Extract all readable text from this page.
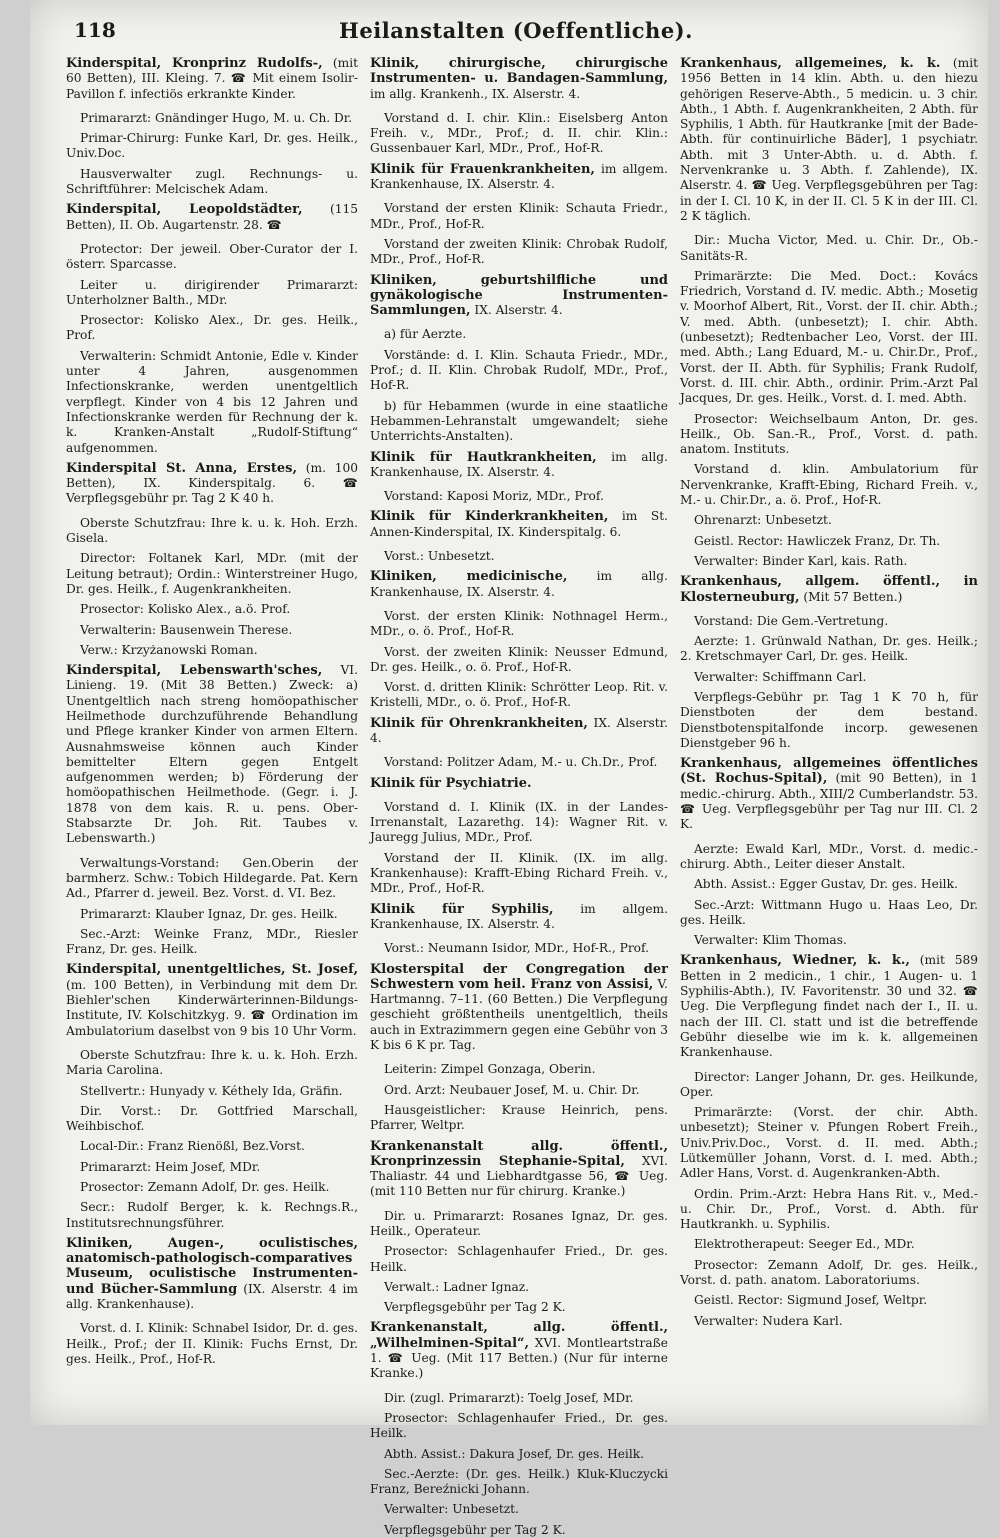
118	Heilanstalten (Oeffentliche).

Kinderspital, Kronprinz Rudolfs-, (mit 60 Betten), III. Kleing. 7. ☎ Mit einem Isolir-Pavillon f. infectiös erkrankte Kinder.

Primararzt: Gnändinger Hugo, M. u. Ch. Dr.

Primar-Chirurg: Funke Karl, Dr. ges. Heilk., Univ.Doc.

Hausverwalter zugl. Rechnungs- u. Schriftführer: Melcischek Adam.

Kinderspital, Leopoldstädter, (115 Betten), II. Ob. Augartenstr. 28. ☎

Protector: Der jeweil. Ober-Curator der I. österr. Sparcasse.

Leiter u. dirigirender Primararzt: Unterholzner Balth., MDr.

Prosector: Kolisko Alex., Dr. ges. Heilk., Prof.

Verwalterin: Schmidt Antonie, Edle v. Kinder unter 4 Jahren, ausgenommen Infectionskranke, werden unentgeltlich verpflegt. Kinder von 4 bis 12 Jahren und Infectionskranke werden für Rechnung der k. k. Kranken-Anstalt „Rudolf-Stiftung“ aufgenommen.

Kinderspital St. Anna, Erstes, (m. 100 Betten), IX. Kinderspitalg. 6. ☎ Verpflegsgebühr pr. Tag 2 K 40 h.

Oberste Schutzfrau: Ihre k. u. k. Hoh. Erzh. Gisela.

Director: Foltanek Karl, MDr. (mit der Leitung betraut); Ordin.: Winterstreiner Hugo, Dr. ges. Heilk., f. Augenkrankheiten.

Prosector: Kolisko Alex., a.ö. Prof.

Verwalterin: Bausenwein Therese.

Verw.: Krzyżanowski Roman.

Kinderspital, Lebenswarth'sches, VI. Linieng. 19. (Mit 38 Betten.) Zweck: a) Unentgeltlich nach streng homöopathischer Heilmethode durchzuführende Behandlung und Pflege kranker Kinder von armen Eltern. Ausnahmsweise können auch Kinder bemittelter Eltern gegen Entgelt aufgenommen werden; b) Förderung der homöopathischen Heilmethode. (Gegr. i. J. 1878 von dem kais. R. u. pens. Ober-Stabsarzte Dr. Joh. Rit. Taubes v. Lebenswarth.)

Verwaltungs-Vorstand: Gen.Oberin der barmherz. Schw.: Tobich Hildegarde. Pat. Kern Ad., Pfarrer d. jeweil. Bez. Vorst. d. VI. Bez.

Primararzt: Klauber Ignaz, Dr. ges. Heilk.

Sec.-Arzt: Weinke Franz, MDr., Riesler Franz, Dr. ges. Heilk.

Kinderspital, unentgeltliches, St. Josef, (m. 100 Betten), in Verbindung mit dem Dr. Biehler'schen Kinderwärterinnen-Bildungs-Institute, IV. Kolschitzkyg. 9. ☎ Ordination im Ambulatorium daselbst von 9 bis 10 Uhr Vorm.

Oberste Schutzfrau: Ihre k. u. k. Hoh. Erzh. Maria Carolina.

Stellvertr.: Hunyady v. Kéthely Ida, Gräfin.

Dir. Vorst.: Dr. Gottfried Marschall, Weihbischof.

Local-Dir.: Franz Rienößl, Bez.Vorst.

Primararzt: Heim Josef, MDr.

Prosector: Zemann Adolf, Dr. ges. Heilk.

Secr.: Rudolf Berger, k. k. Rechngs.R., Institutsrechnungsführer.

Kliniken, Augen-, oculistisches, anatomisch-pathologisch-comparatives Museum, oculistische Instrumenten- und Bücher-Sammlung (IX. Alserstr. 4 im allg. Krankenhause).

Vorst. d. I. Klinik: Schnabel Isidor, Dr. d. ges. Heilk., Prof.; der II. Klinik: Fuchs Ernst, Dr. ges. Heilk., Prof., Hof-R.

Klinik, chirurgische, chirurgische Instrumenten- u. Bandagen-Sammlung, im allg. Krankenh., IX. Alserstr. 4.

Vorstand d. I. chir. Klin.: Eiselsberg Anton Freih. v., MDr., Prof.; d. II. chir. Klin.: Gussenbauer Karl, MDr., Prof., Hof-R.

Klinik für Frauenkrankheiten, im allgem. Krankenhause, IX. Alserstr. 4.

Vorstand der ersten Klinik: Schauta Friedr., MDr., Prof., Hof-R.

Vorstand der zweiten Klinik: Chrobak Rudolf, MDr., Prof., Hof-R.

Kliniken, geburtshilfliche und gynäkologische Instrumenten-Sammlungen, IX. Alserstr. 4.

a) für Aerzte.

Vorstände: d. I. Klin. Schauta Friedr., MDr., Prof.; d. II. Klin. Chrobak Rudolf, MDr., Prof., Hof-R.

b) für Hebammen (wurde in eine staatliche Hebammen-Lehranstalt umgewandelt; siehe Unterrichts-Anstalten).

Klinik für Hautkrankheiten, im allg. Krankenhause, IX. Alserstr. 4.

Vorstand: Kaposi Moriz, MDr., Prof.

Klinik für Kinderkrankheiten, im St. Annen-Kinderspital, IX. Kinderspitalg. 6.

Vorst.: Unbesetzt.

Kliniken, medicinische, im allg. Krankenhause, IX. Alserstr. 4.

Vorst. der ersten Klinik: Nothnagel Herm., MDr., o. ö. Prof., Hof-R.

Vorst. der zweiten Klinik: Neusser Edmund, Dr. ges. Heilk., o. ö. Prof., Hof-R.

Vorst. d. dritten Klinik: Schrötter Leop. Rit. v. Kristelli, MDr., o. ö. Prof., Hof-R.

Klinik für Ohrenkrankheiten, IX. Alserstr. 4.

Vorstand: Politzer Adam, M.- u. Ch.Dr., Prof.

Klinik für Psychiatrie.

Vorstand d. I. Klinik (IX. in der Landes-Irrenanstalt, Lazarethg. 14): Wagner Rit. v. Jauregg Julius, MDr., Prof.

Vorstand der II. Klinik. (IX. im allg. Krankenhause): Krafft-Ebing Richard Freih. v., MDr., Prof., Hof-R.

Klinik für Syphilis, im allgem. Krankenhause, IX. Alserstr. 4.

Vorst.: Neumann Isidor, MDr., Hof-R., Prof.

Klosterspital der Congregation der Schwestern vom heil. Franz von Assisi, V. Hartmanng. 7–11. (60 Betten.) Die Verpflegung geschieht größtentheils unentgeltlich, theils auch in Extrazimmern gegen eine Gebühr von 3 K bis 6 K pr. Tag.

Leiterin: Zimpel Gonzaga, Oberin.

Ord. Arzt: Neubauer Josef, M. u. Chir. Dr.

Hausgeistlicher: Krause Heinrich, pens. Pfarrer, Weltpr.

Krankenanstalt allg. öffentl., Kronprinzessin Stephanie-Spital, XVI. Thaliastr. 44 und Liebhardtgasse 56, ☎ Ueg. (mit 110 Betten nur für chirurg. Kranke.)

Dir. u. Primararzt: Rosanes Ignaz, Dr. ges. Heilk., Operateur.

Prosector: Schlagenhaufer Fried., Dr. ges. Heilk.

Verwalt.: Ladner Ignaz.

Verpflegsgebühr per Tag 2 K.

Krankenanstalt, allg. öffentl., „Wilhelminen-Spital“, XVI. Montleartstraße 1. ☎ Ueg. (Mit 117 Betten.) (Nur für interne Kranke.)

Dir. (zugl. Primararzt): Toelg Josef, MDr.

Prosector: Schlagenhaufer Fried., Dr. ges. Heilk.

Abth. Assist.: Dakura Josef, Dr. ges. Heilk.

Sec.-Aerzte: (Dr. ges. Heilk.) Kluk-Kluczycki Franz, Bereźnicki Johann.

Verwalter: Unbesetzt.

Verpflegsgebühr per Tag 2 K.

Krankenhaus, allgemeines, k. k. (mit 1956 Betten in 14 klin. Abth. u. den hiezu gehörigen Reserve-Abth., 5 medicin. u. 3 chir. Abth., 1 Abth. f. Augenkrankheiten, 2 Abth. für Syphilis, 1 Abth. für Hautkranke [mit der Bade-Abth. für continuirliche Bäder], 1 psychiatr. Abth. mit 3 Unter-Abth. u. d. Abth. f. Nervenkranke u. 3 Abth. f. Zahlende), IX. Alserstr. 4. ☎ Ueg. Verpflegsgebühren per Tag: in der I. Cl. 10 K, in der II. Cl. 5 K in der III. Cl. 2 K täglich.

Dir.: Mucha Victor, Med. u. Chir. Dr., Ob.-Sanitäts-R.

Primarärzte: Die Med. Doct.: Kovács Friedrich, Vorstand d. IV. medic. Abth.; Mosetig v. Moorhof Albert, Rit., Vorst. der II. chir. Abth.; V. med. Abth. (unbesetzt); I. chir. Abth. (unbesetzt); Redtenbacher Leo, Vorst. der III. med. Abth.; Lang Eduard, M.- u. Chir.Dr., Prof., Vorst. der II. Abth. für Syphilis; Frank Rudolf, Vorst. d. III. chir. Abth., ordinir. Prim.-Arzt Pal Jacques, Dr. ges. Heilk., Vorst. d. I. med. Abth.

Prosector: Weichselbaum Anton, Dr. ges. Heilk., Ob. San.-R., Prof., Vorst. d. path. anatom. Instituts.

Vorstand d. klin. Ambulatorium für Nervenkranke, Krafft-Ebing, Richard Freih. v., M.- u. Chir.Dr., a. ö. Prof., Hof-R.

Ohrenarzt: Unbesetzt.

Geistl. Rector: Hawliczek Franz, Dr. Th.

Verwalter: Binder Karl, kais. Rath.

Krankenhaus, allgem. öffentl., in Klosterneuburg, (Mit 57 Betten.)

Vorstand: Die Gem.-Vertretung.

Aerzte: 1. Grünwald Nathan, Dr. ges. Heilk.; 2. Kretschmayer Carl, Dr. ges. Heilk.

Verwalter: Schiffmann Carl.

Verpflegs-Gebühr pr. Tag 1 K 70 h, für Dienstboten der dem bestand. Dienstbotenspitalfonde incorp. gewesenen Dienstgeber 96 h.

Krankenhaus, allgemeines öffentliches (St. Rochus-Spital), (mit 90 Betten), in 1 medic.-chirurg. Abth., XIII/2 Cumberlandstr. 53. ☎ Ueg. Verpflegsgebühr per Tag nur III. Cl. 2 K.

Aerzte: Ewald Karl, MDr., Vorst. d. medic.-chirurg. Abth., Leiter dieser Anstalt.

Abth. Assist.: Egger Gustav, Dr. ges. Heilk.

Sec.-Arzt: Wittmann Hugo u. Haas Leo, Dr. ges. Heilk.

Verwalter: Klim Thomas.

Krankenhaus, Wiedner, k. k., (mit 589 Betten in 2 medicin., 1 chir., 1 Augen- u. 1 Syphilis-Abth.), IV. Favoritenstr. 30 und 32. ☎ Ueg. Die Verpflegung findet nach der I., II. u. nach der III. Cl. statt und ist die betreffende Gebühr dieselbe wie im k. k. allgemeinen Krankenhause.

Director: Langer Johann, Dr. ges. Heilkunde, Oper.

Primarärzte: (Vorst. der chir. Abth. unbesetzt); Steiner v. Pfungen Robert Freih., Univ.Priv.Doc., Vorst. d. II. med. Abth.; Lütkemüller Johann, Vorst. d. I. med. Abth.; Adler Hans, Vorst. d. Augenkranken-Abth.

Ordin. Prim.-Arzt: Hebra Hans Rit. v., Med.- u. Chir. Dr., Prof., Vorst. d. Abth. für Hautkrankh. u. Syphilis.

Elektrotherapeut: Seeger Ed., MDr.

Prosector: Zemann Adolf, Dr. ges. Heilk., Vorst. d. path. anatom. Laboratoriums.

Geistl. Rector: Sigmund Josef, Weltpr.

Verwalter: Nudera Karl.
